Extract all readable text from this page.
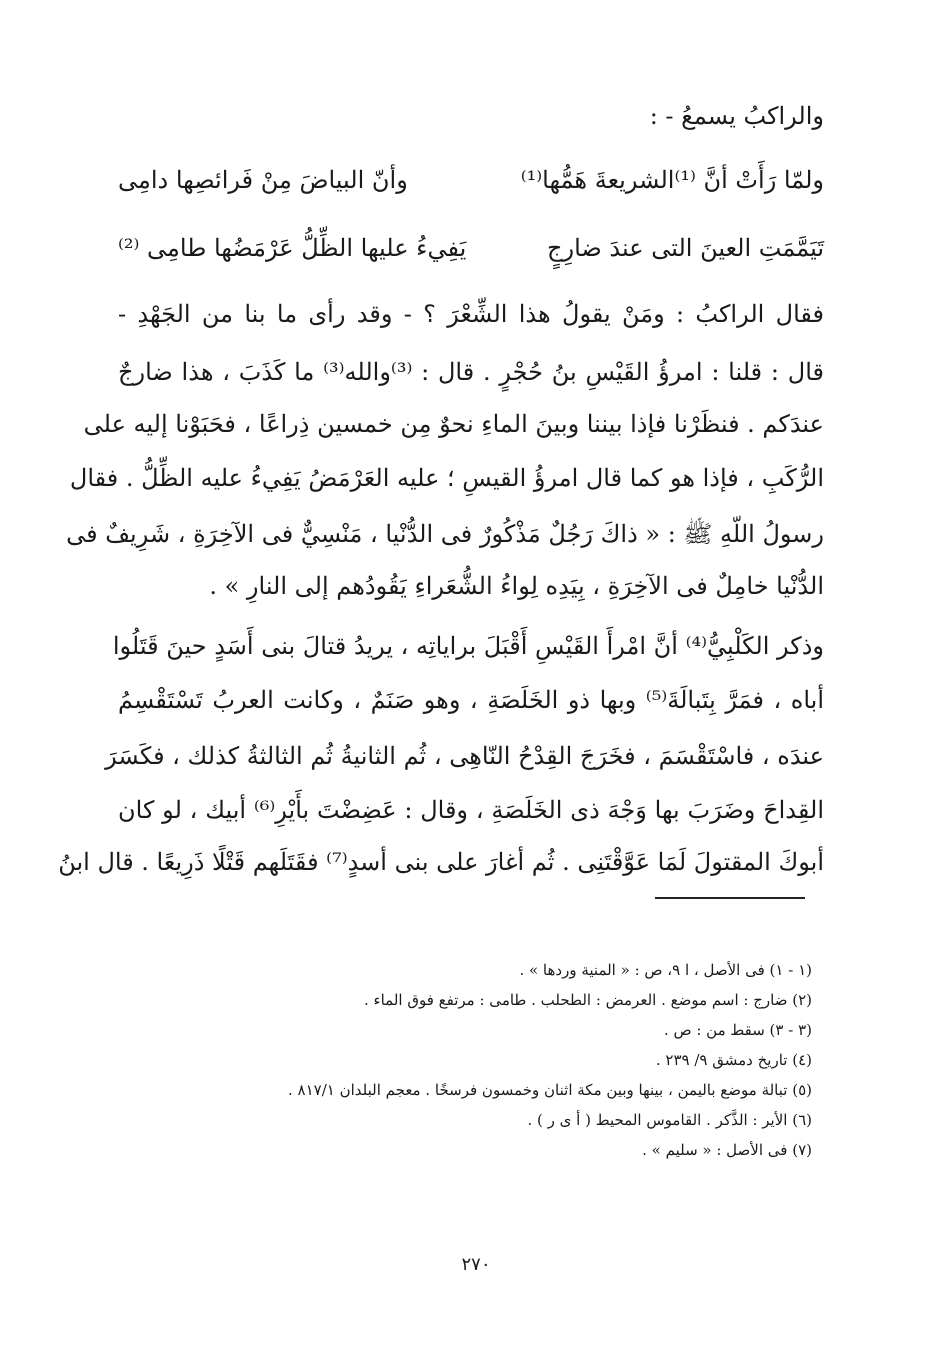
والراكبُ يسمعُ - :
ولمّا رَأَتْ أنَّ ⁽¹⁾الشريعةَ هَمُّها⁽¹⁾
وأنّ البياضَ مِنْ فَرائصِها دامِى
تَيَمَّمَتِ العينَ التى عندَ ضارِجٍ
يَفِيءُ عليها الظِّلُّ عَرْمَضُها طامِى ⁽²⁾
فقال الراكبُ : ومَنْ يقولُ هذا الشِّعْرَ ؟ - وقد رأى ما بنا من الجَهْدِ -
قال : قلنا : امرؤُ القَيْسِ بنُ حُجْرٍ . قال : ⁽³⁾والله⁽³⁾ ما كَذَبَ ، هذا ضارجٌ
عندَكم . فنظَرْنا فإذا بيننا وبينَ الماءِ نحوٌ مِن خمسين ذِراعًا ، فحَبَوْنا إليه على
الرُّكَبِ ، فإذا هو كما قال امرؤُ القيسِ ؛ عليه العَرْمَضُ يَفِيءُ عليه الظِّلُّ . فقال
رسولُ اللّهِ ﷺ : « ذاكَ رَجُلٌ مَذْكُورٌ فى الدُّنْيا ، مَنْسِيٌّ فى الآخِرَةِ ، شَرِيفٌ فى
الدُّنْيا خامِلٌ فى الآخِرَةِ ، بِيَدِه لِواءُ الشُّعَراءِ يَقُودُهم إلى النارِ » .
وذكر الكَلْبِيُّ⁽⁴⁾ أنَّ امْرأَ القَيْسِ أَقْبَلَ براياتِه ، يريدُ قتالَ بنى أَسَدٍ حينَ قَتَلُوا
أباه ، فمَرَّ بِتَبالَةَ⁽⁵⁾ وبها ذو الخَلَصَةِ ، وهو صَنَمٌ ، وكانت العربُ تَسْتَقْسِمُ
عندَه ، فاسْتَقْسَمَ ، فخَرَجَ القِدْحُ النّاهِى ، ثُم الثانيةُ ثُم الثالثةُ كذلك ، فكَسَرَ
القِداحَ وضَرَبَ بها وَجْهَ ذى الخَلَصَةِ ، وقال : عَضِضْتَ بأَيْرِ⁽⁶⁾ أبيك ، لو كان
أبوكَ المقتولَ لَمَا عَوَّقْتَنِى . ثُم أغارَ على بنى أسدٍ⁽⁷⁾ فقَتَلَهم قَتْلًا ذَرِيعًا . قال ابنُ
(١ - ١) فى الأصل ، ا ٩، ص : « المنية وردها » .
(٢) ضارج : اسم موضع . العرمض : الطحلب . طامى : مرتفع فوق الماء .
(٣ - ٣) سقط من : ص .
(٤) تاريخ دمشق ٩/ ٢٣٩ .
(٥) تبالة موضع باليمن ، بينها وبين مكة اثنان وخمسون فرسخًا . معجم البلدان ٨١٧/١ .
(٦) الأير : الذَّكر . القاموس المحيط ( أ ى ر ) .
(٧) فى الأصل : « سليم » .
٢٧٠
